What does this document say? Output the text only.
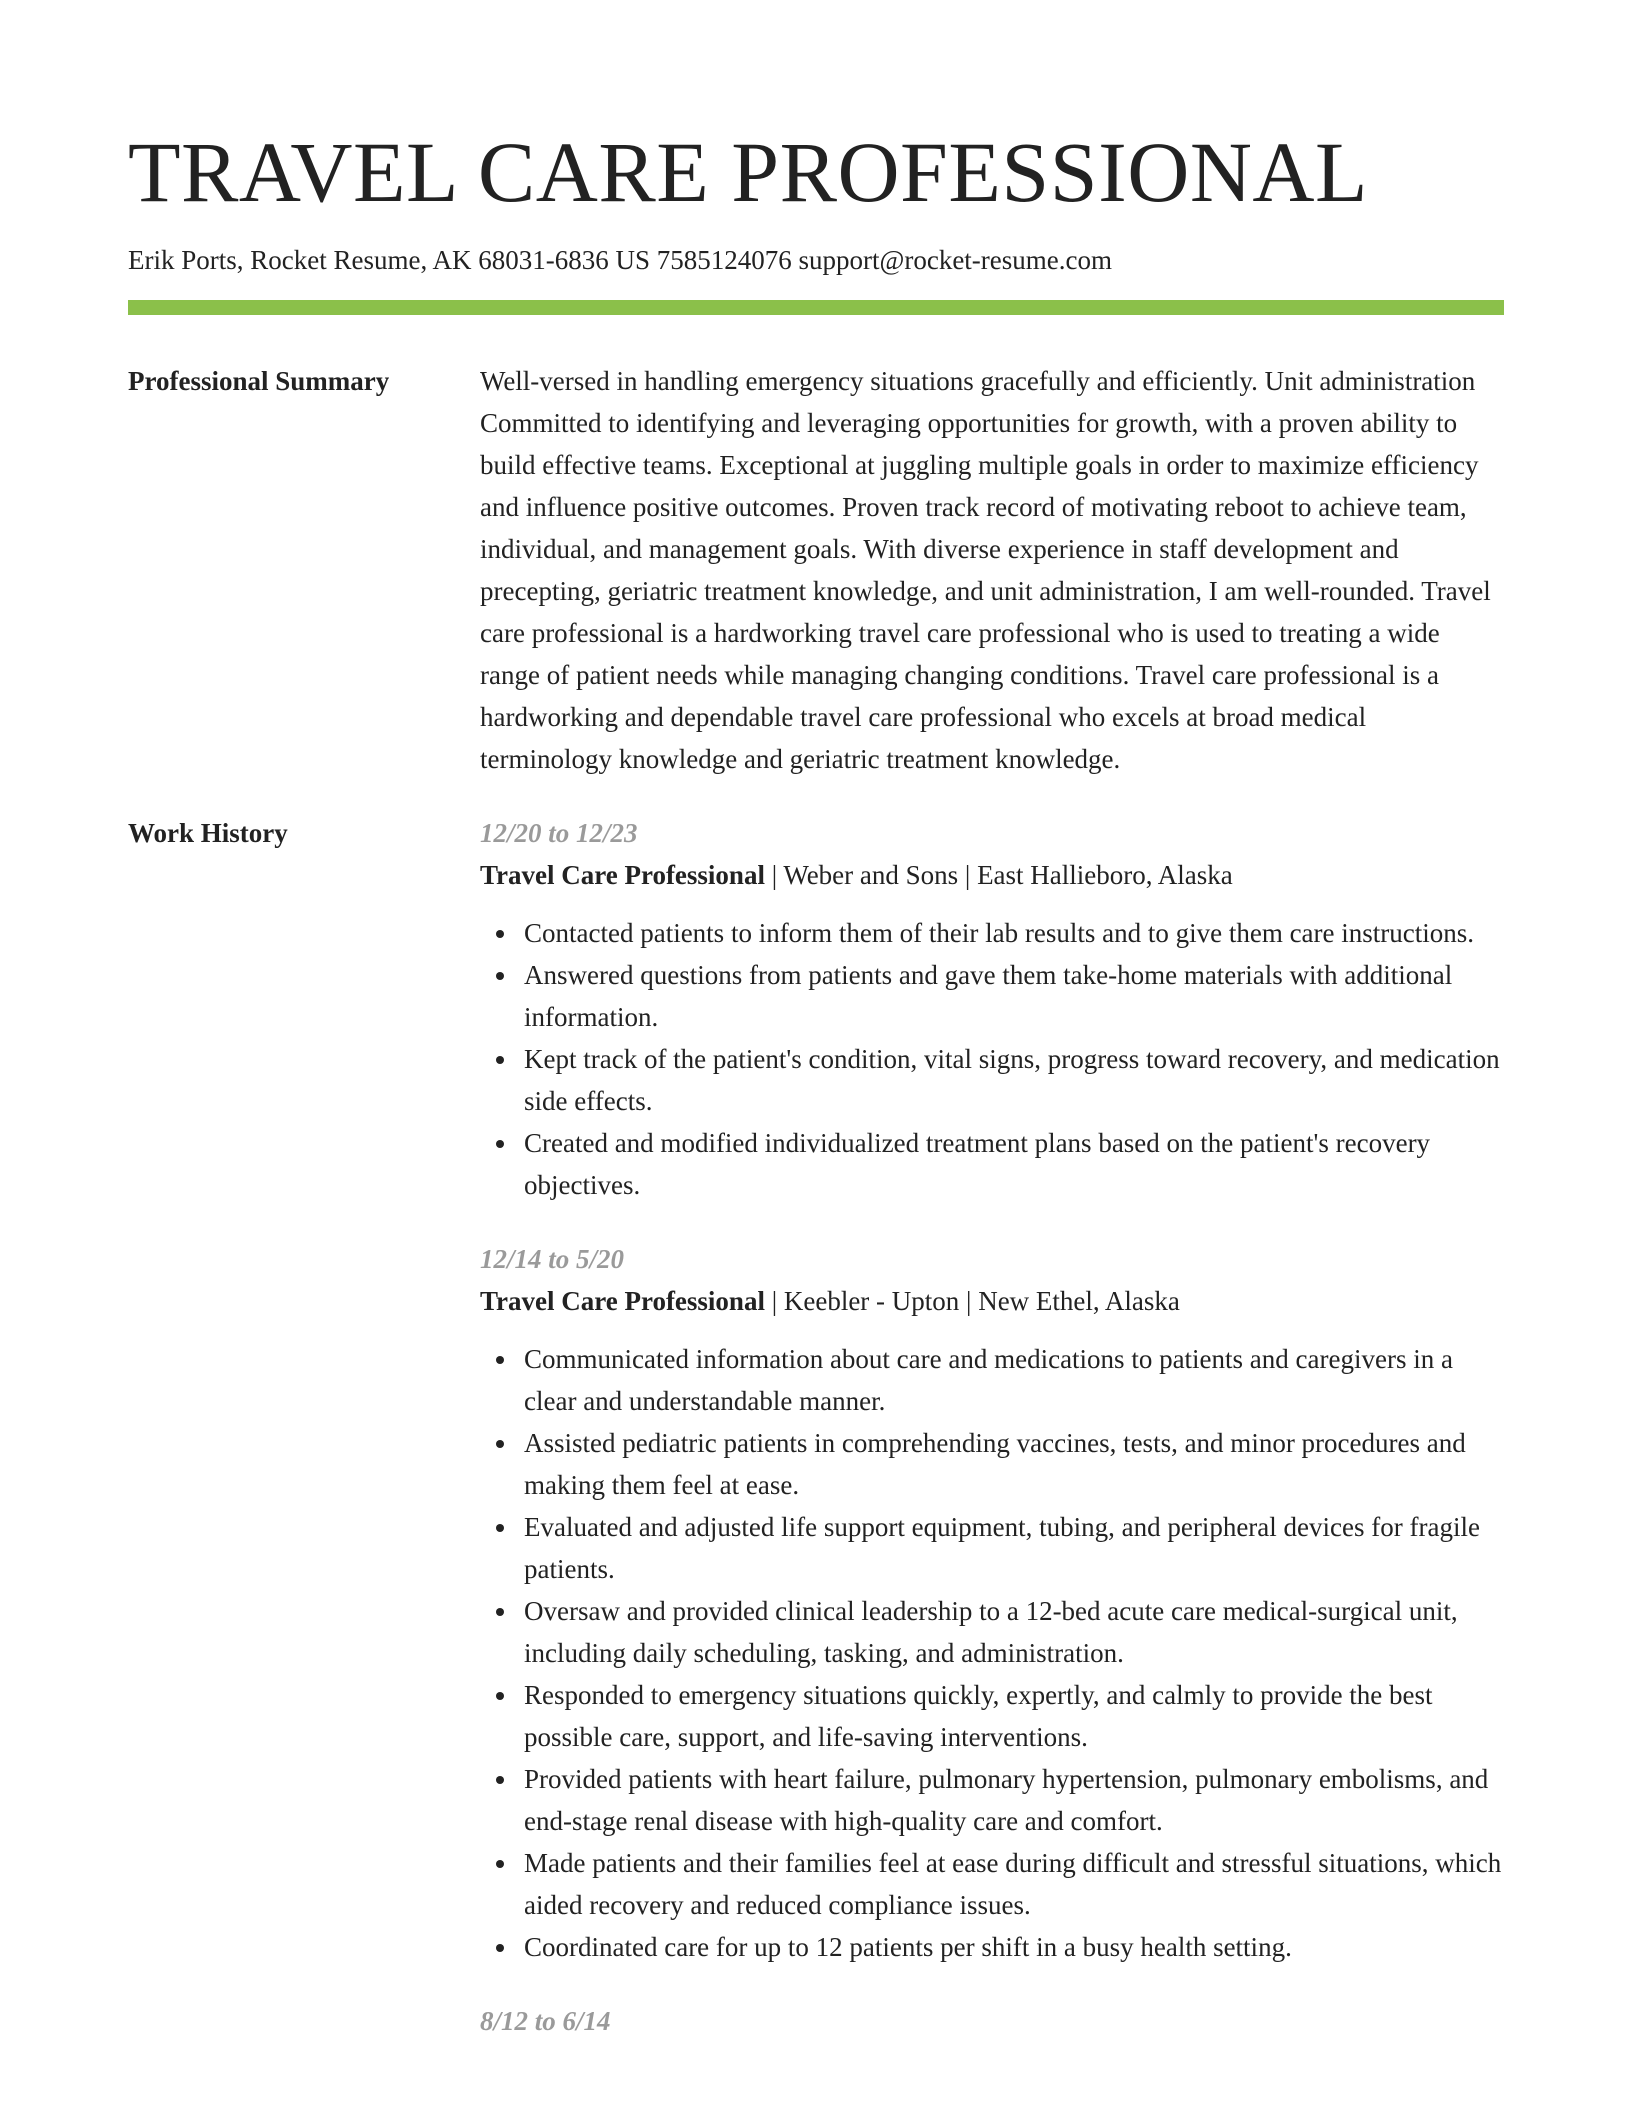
TRAVEL CARE PROFESSIONAL
Erik Ports, Rocket Resume, AK 68031-6836 US 7585124076 support@rocket-resume.com
Professional Summary	Well-versed in handling emergency situations gracefully and efficiently. Unit administration Committed to identifying and leveraging opportunities for growth, with a proven ability to build effective teams. Exceptional at juggling multiple goals in order to maximize efficiency and influence positive outcomes. Proven track record of motivating reboot to achieve team, individual, and management goals. With diverse experience in staff development and precepting, geriatric treatment knowledge, and unit administration, I am well-rounded. Travel care professional is a hardworking travel care professional who is used to treating a wide range of patient needs while managing changing conditions. Travel care professional is a hardworking and dependable travel care professional who excels at broad medical terminology knowledge and geriatric treatment knowledge.
Work History	12/20 to 12/23
Travel Care Professional | Weber and Sons | East Hallieboro, Alaska
Contacted patients to inform them of their lab results and to give them care instructions.
Answered questions from patients and gave them take-home materials with additional information.
Kept track of the patient's condition, vital signs, progress toward recovery, and medication side effects.
Created and modified individualized treatment plans based on the patient's recovery objectives.
12/14 to 5/20
Travel Care Professional | Keebler - Upton | New Ethel, Alaska
Communicated information about care and medications to patients and caregivers in a clear and understandable manner.
Assisted pediatric patients in comprehending vaccines, tests, and minor procedures and making them feel at ease.
Evaluated and adjusted life support equipment, tubing, and peripheral devices for fragile patients.
Oversaw and provided clinical leadership to a 12-bed acute care medical-surgical unit, including daily scheduling, tasking, and administration.
Responded to emergency situations quickly, expertly, and calmly to provide the best possible care, support, and life-saving interventions.
Provided patients with heart failure, pulmonary hypertension, pulmonary embolisms, and end-stage renal disease with high-quality care and comfort.
Made patients and their families feel at ease during difficult and stressful situations, which aided recovery and reduced compliance issues.
Coordinated care for up to 12 patients per shift in a busy health setting.
8/12 to 6/14
